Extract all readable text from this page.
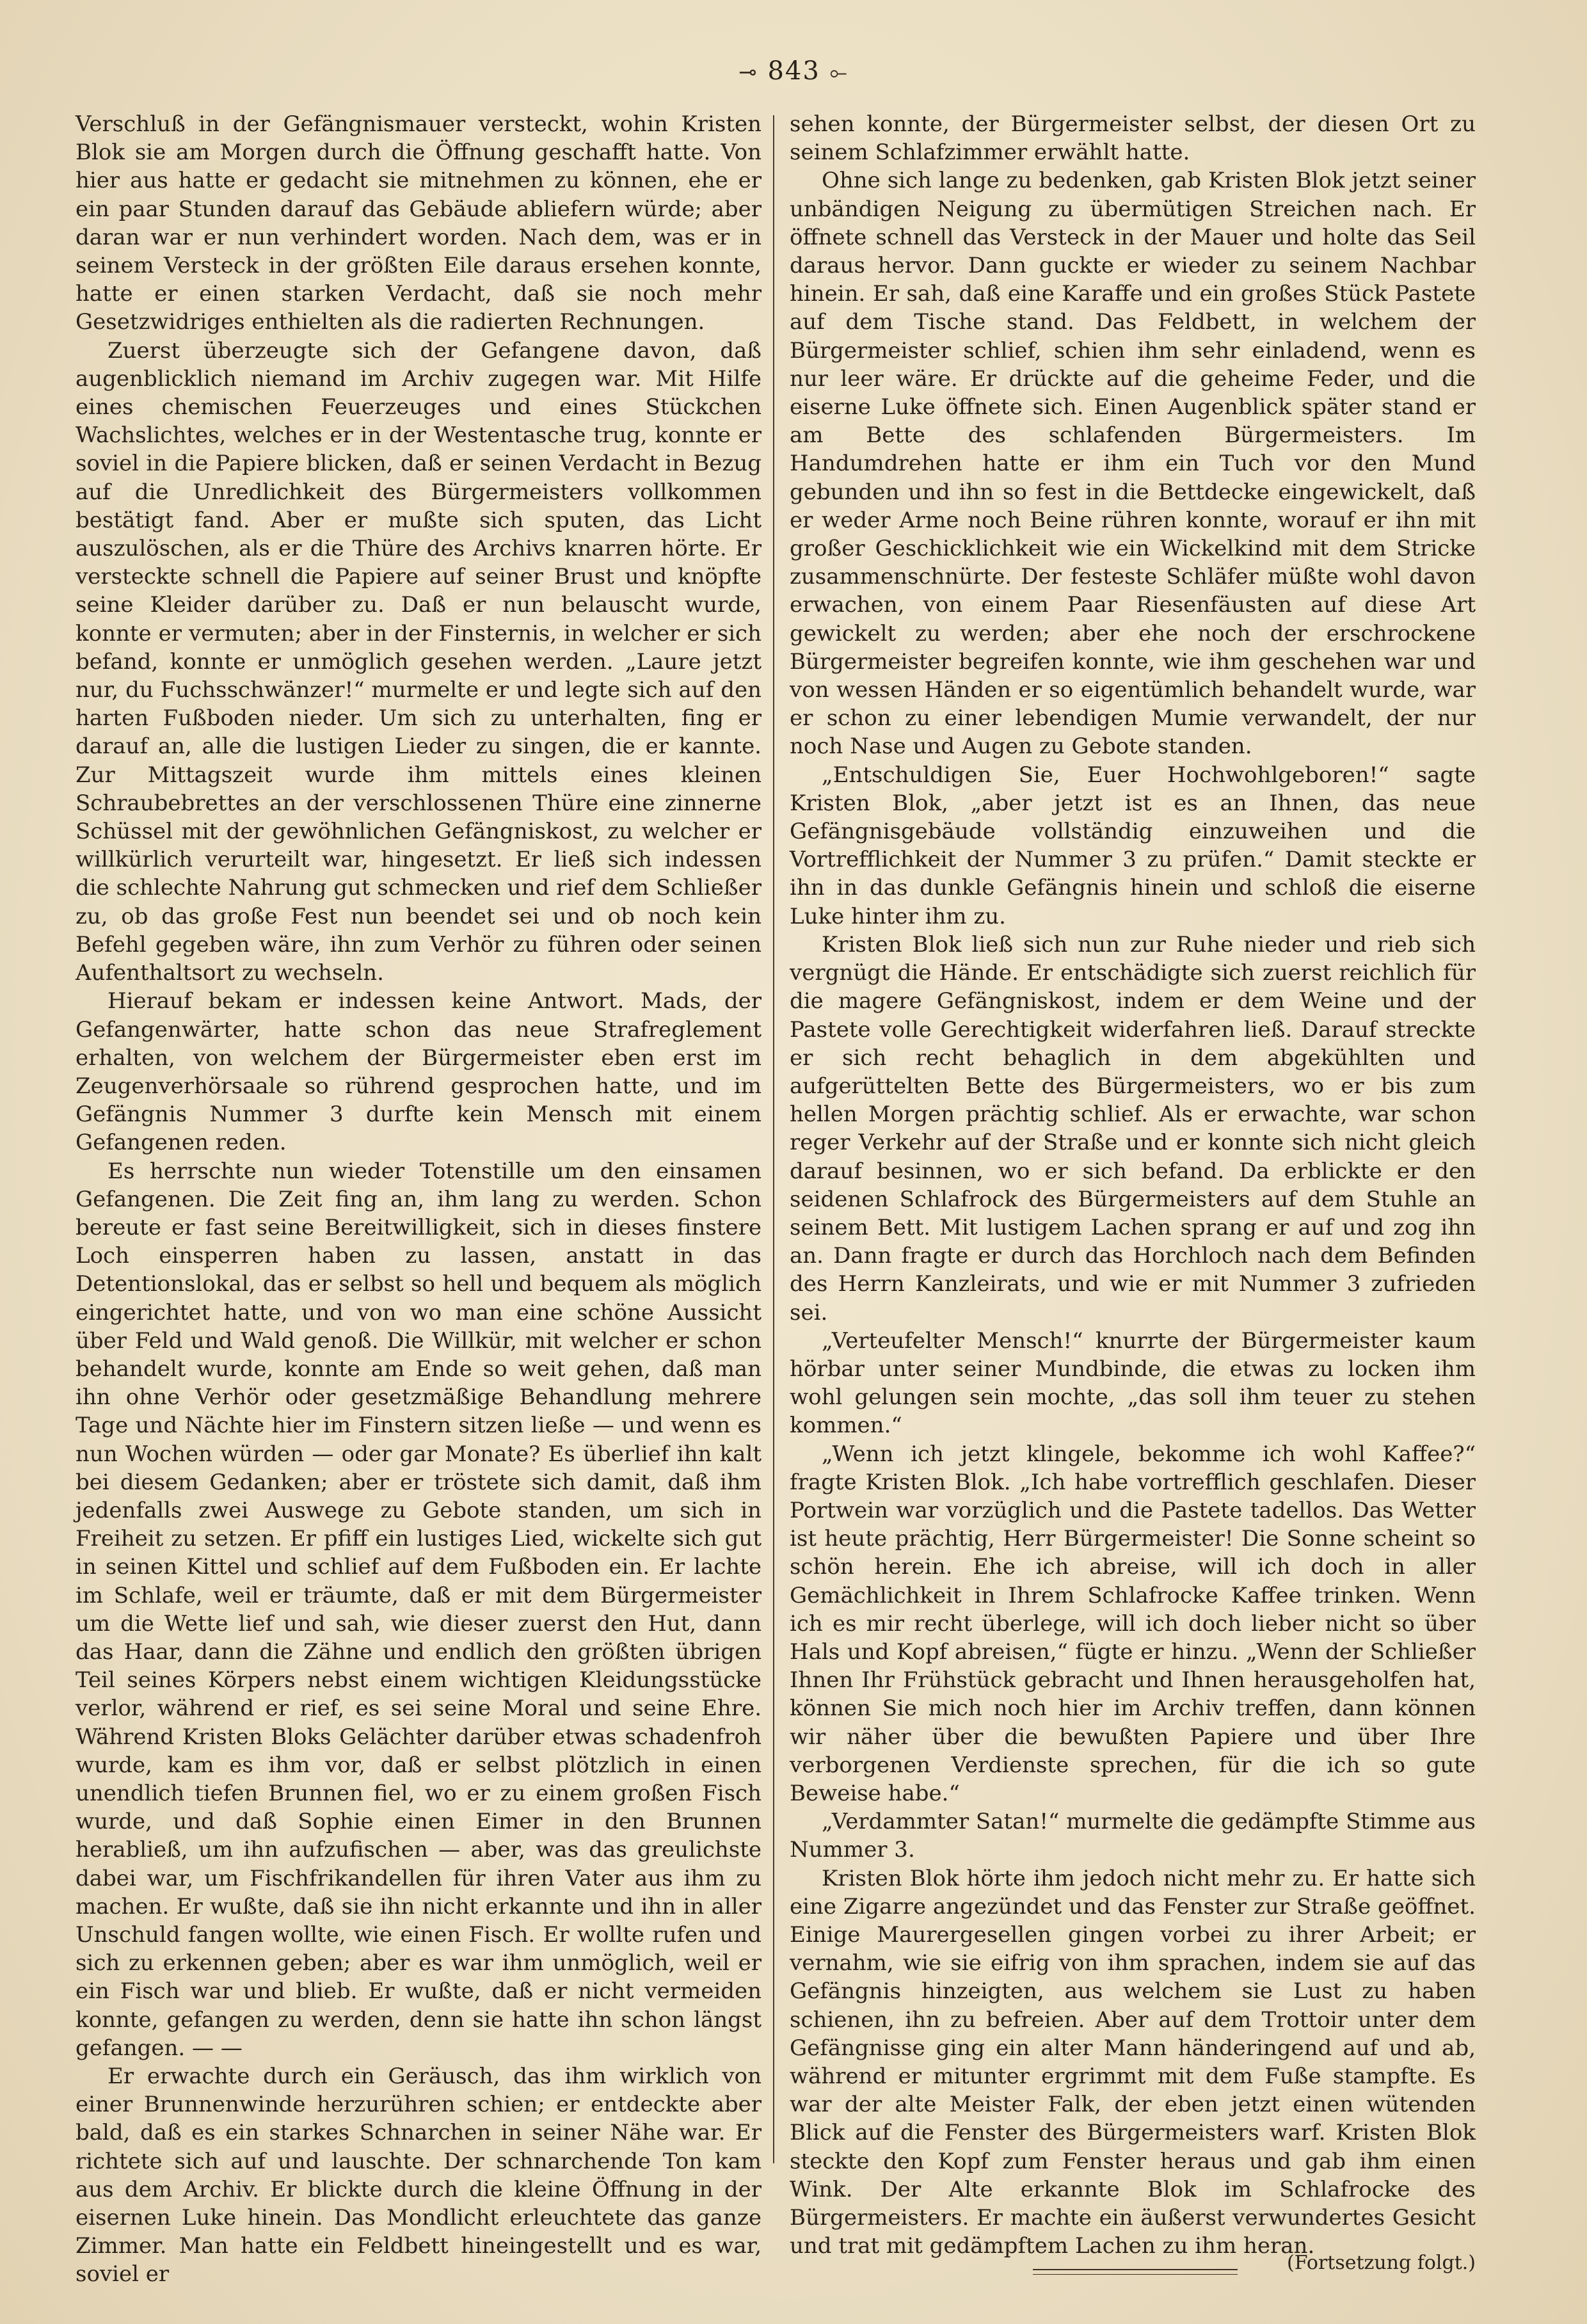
⊸ 843 ⟜

Verschluß in der Gefängnismauer versteckt, wohin Kristen Blok sie am Morgen durch die Öffnung geschafft hatte. Von hier aus hatte er gedacht sie mitnehmen zu können, ehe er ein paar Stunden darauf das Gebäude abliefern würde; aber daran war er nun verhindert worden. Nach dem, was er in seinem Versteck in der größten Eile daraus ersehen konnte, hatte er einen starken Verdacht, daß sie noch mehr Gesetzwidriges enthielten als die radierten Rechnungen.

Zuerst überzeugte sich der Gefangene davon, daß augenblicklich niemand im Archiv zugegen war. Mit Hilfe eines chemischen Feuerzeuges und eines Stückchen Wachslichtes, welches er in der Westentasche trug, konnte er soviel in die Papiere blicken, daß er seinen Verdacht in Bezug auf die Unredlichkeit des Bürgermeisters vollkommen bestätigt fand. Aber er mußte sich sputen, das Licht auszulöschen, als er die Thüre des Archivs knarren hörte. Er versteckte schnell die Papiere auf seiner Brust und knöpfte seine Kleider darüber zu. Daß er nun belauscht wurde, konnte er vermuten; aber in der Finsternis, in welcher er sich befand, konnte er unmöglich gesehen werden. „Laure jetzt nur, du Fuchsschwänzer!“ murmelte er und legte sich auf den harten Fußboden nieder. Um sich zu unterhalten, fing er darauf an, alle die lustigen Lieder zu singen, die er kannte. Zur Mittagszeit wurde ihm mittels eines kleinen Schraubebrettes an der verschlossenen Thüre eine zinnerne Schüssel mit der gewöhnlichen Gefängniskost, zu welcher er willkürlich verurteilt war, hingesetzt. Er ließ sich indessen die schlechte Nahrung gut schmecken und rief dem Schließer zu, ob das große Fest nun beendet sei und ob noch kein Befehl gegeben wäre, ihn zum Verhör zu führen oder seinen Aufenthaltsort zu wechseln.

Hierauf bekam er indessen keine Antwort. Mads, der Gefangenwärter, hatte schon das neue Strafreglement erhalten, von welchem der Bürgermeister eben erst im Zeugenverhörsaale so rührend gesprochen hatte, und im Gefängnis Nummer 3 durfte kein Mensch mit einem Gefangenen reden.

Es herrschte nun wieder Totenstille um den einsamen Gefangenen. Die Zeit fing an, ihm lang zu werden. Schon bereute er fast seine Bereitwilligkeit, sich in dieses finstere Loch einsperren haben zu lassen, anstatt in das Detentionslokal, das er selbst so hell und bequem als möglich eingerichtet hatte, und von wo man eine schöne Aussicht über Feld und Wald genoß. Die Willkür, mit welcher er schon behandelt wurde, konnte am Ende so weit gehen, daß man ihn ohne Verhör oder gesetzmäßige Behandlung mehrere Tage und Nächte hier im Finstern sitzen ließe — und wenn es nun Wochen würden — oder gar Monate? Es überlief ihn kalt bei diesem Gedanken; aber er tröstete sich damit, daß ihm jedenfalls zwei Auswege zu Gebote standen, um sich in Freiheit zu setzen. Er pfiff ein lustiges Lied, wickelte sich gut in seinen Kittel und schlief auf dem Fußboden ein. Er lachte im Schlafe, weil er träumte, daß er mit dem Bürgermeister um die Wette lief und sah, wie dieser zuerst den Hut, dann das Haar, dann die Zähne und endlich den größten übrigen Teil seines Körpers nebst einem wichtigen Kleidungsstücke verlor, während er rief, es sei seine Moral und seine Ehre. Während Kristen Bloks Gelächter darüber etwas schadenfroh wurde, kam es ihm vor, daß er selbst plötzlich in einen unendlich tiefen Brunnen fiel, wo er zu einem großen Fisch wurde, und daß Sophie einen Eimer in den Brunnen herabließ, um ihn aufzufischen — aber, was das greulichste dabei war, um Fischfrikandellen für ihren Vater aus ihm zu machen. Er wußte, daß sie ihn nicht erkannte und ihn in aller Unschuld fangen wollte, wie einen Fisch. Er wollte rufen und sich zu erkennen geben; aber es war ihm unmöglich, weil er ein Fisch war und blieb. Er wußte, daß er nicht vermeiden konnte, gefangen zu werden, denn sie hatte ihn schon längst gefangen. — —

Er erwachte durch ein Geräusch, das ihm wirklich von einer Brunnenwinde herzurühren schien; er entdeckte aber bald, daß es ein starkes Schnarchen in seiner Nähe war. Er richtete sich auf und lauschte. Der schnarchende Ton kam aus dem Archiv. Er blickte durch die kleine Öffnung in der eisernen Luke hinein. Das Mondlicht erleuchtete das ganze Zimmer. Man hatte ein Feldbett hineingestellt und es war, soviel er

sehen konnte, der Bürgermeister selbst, der diesen Ort zu seinem Schlafzimmer erwählt hatte.

Ohne sich lange zu bedenken, gab Kristen Blok jetzt seiner unbändigen Neigung zu übermütigen Streichen nach. Er öffnete schnell das Versteck in der Mauer und holte das Seil daraus hervor. Dann guckte er wieder zu seinem Nachbar hinein. Er sah, daß eine Karaffe und ein großes Stück Pastete auf dem Tische stand. Das Feldbett, in welchem der Bürgermeister schlief, schien ihm sehr einladend, wenn es nur leer wäre. Er drückte auf die geheime Feder, und die eiserne Luke öffnete sich. Einen Augenblick später stand er am Bette des schlafenden Bürgermeisters. Im Handumdrehen hatte er ihm ein Tuch vor den Mund gebunden und ihn so fest in die Bettdecke eingewickelt, daß er weder Arme noch Beine rühren konnte, worauf er ihn mit großer Geschicklichkeit wie ein Wickelkind mit dem Stricke zusammenschnürte. Der festeste Schläfer müßte wohl davon erwachen, von einem Paar Riesenfäusten auf diese Art gewickelt zu werden; aber ehe noch der erschrockene Bürgermeister begreifen konnte, wie ihm geschehen war und von wessen Händen er so eigentümlich behandelt wurde, war er schon zu einer lebendigen Mumie verwandelt, der nur noch Nase und Augen zu Gebote standen.

„Entschuldigen Sie, Euer Hochwohlgeboren!“ sagte Kristen Blok, „aber jetzt ist es an Ihnen, das neue Gefängnisgebäude vollständig einzuweihen und die Vortrefflichkeit der Nummer 3 zu prüfen.“ Damit steckte er ihn in das dunkle Gefängnis hinein und schloß die eiserne Luke hinter ihm zu.

Kristen Blok ließ sich nun zur Ruhe nieder und rieb sich vergnügt die Hände. Er entschädigte sich zuerst reichlich für die magere Gefängniskost, indem er dem Weine und der Pastete volle Gerechtigkeit widerfahren ließ. Darauf streckte er sich recht behaglich in dem abgekühlten und aufgerüttelten Bette des Bürgermeisters, wo er bis zum hellen Morgen prächtig schlief. Als er erwachte, war schon reger Verkehr auf der Straße und er konnte sich nicht gleich darauf besinnen, wo er sich befand. Da erblickte er den seidenen Schlafrock des Bürgermeisters auf dem Stuhle an seinem Bett. Mit lustigem Lachen sprang er auf und zog ihn an. Dann fragte er durch das Horchloch nach dem Befinden des Herrn Kanzleirats, und wie er mit Nummer 3 zufrieden sei.

„Verteufelter Mensch!“ knurrte der Bürgermeister kaum hörbar unter seiner Mundbinde, die etwas zu locken ihm wohl gelungen sein mochte, „das soll ihm teuer zu stehen kommen.“

„Wenn ich jetzt klingele, bekomme ich wohl Kaffee?“ fragte Kristen Blok. „Ich habe vortrefflich geschlafen. Dieser Portwein war vorzüglich und die Pastete tadellos. Das Wetter ist heute prächtig, Herr Bürgermeister! Die Sonne scheint so schön herein. Ehe ich abreise, will ich doch in aller Gemächlichkeit in Ihrem Schlafrocke Kaffee trinken. Wenn ich es mir recht überlege, will ich doch lieber nicht so über Hals und Kopf abreisen,“ fügte er hinzu. „Wenn der Schließer Ihnen Ihr Frühstück gebracht und Ihnen herausgeholfen hat, können Sie mich noch hier im Archiv treffen, dann können wir näher über die bewußten Papiere und über Ihre verborgenen Verdienste sprechen, für die ich so gute Beweise habe.“

„Verdammter Satan!“ murmelte die gedämpfte Stimme aus Nummer 3.

Kristen Blok hörte ihm jedoch nicht mehr zu. Er hatte sich eine Zigarre angezündet und das Fenster zur Straße geöffnet. Einige Maurergesellen gingen vorbei zu ihrer Arbeit; er vernahm, wie sie eifrig von ihm sprachen, indem sie auf das Gefängnis hinzeigten, aus welchem sie Lust zu haben schienen, ihn zu befreien. Aber auf dem Trottoir unter dem Gefängnisse ging ein alter Mann händeringend auf und ab, während er mitunter ergrimmt mit dem Fuße stampfte. Es war der alte Meister Falk, der eben jetzt einen wütenden Blick auf die Fenster des Bürgermeisters warf. Kristen Blok steckte den Kopf zum Fenster heraus und gab ihm einen Wink. Der Alte erkannte Blok im Schlafrocke des Bürgermeisters. Er machte ein äußerst verwundertes Gesicht und trat mit gedämpftem Lachen zu ihm heran.

(Fortsetzung folgt.)
